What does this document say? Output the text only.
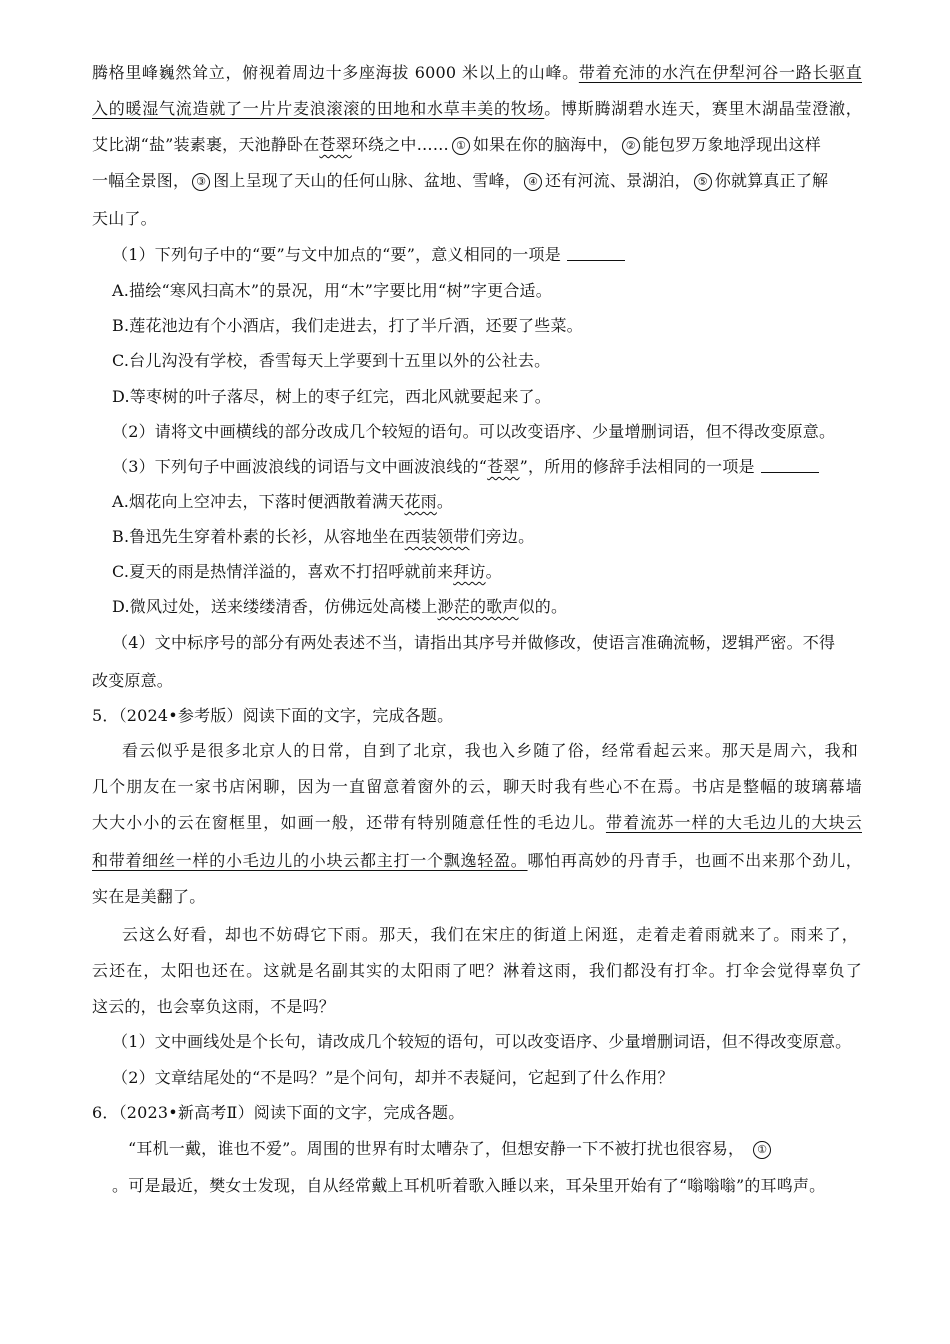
腾格里峰巍然耸立，俯视着周边十多座海拔 6000 米以上的山峰。带着充沛的水汽在伊犁河谷一路长驱直
入的暖湿气流造就了一片片麦浪滚滚的田地和水草丰美的牧场。博斯腾湖碧水连天，赛里木湖晶莹澄澈，
艾比湖“盐”装素裹，天池静卧在苍翠环绕之中…… ① 如果在你的脑海中， ② 能包罗万象地浮现出这样
一幅全景图， ③ 图上呈现了天山的任何山脉、盆地、雪峰， ④ 还有河流、景湖泊， ⑤ 你就算真正了解
天山了。
（1）下列句子中的“要”与文中加点的“要”，意义相同的一项是
A.描绘“寒风扫高木”的景况，用“木”字要比用“树”字更合适。
B.莲花池边有个小酒店，我们走进去，打了半斤酒，还要了些菜。
C.台儿沟没有学校，香雪每天上学要到十五里以外的公社去。
D.等枣树的叶子落尽，树上的枣子红完，西北风就要起来了。
（2）请将文中画横线的部分改成几个较短的语句。可以改变语序、少量增删词语，但不得改变原意。
（3）下列句子中画波浪线的词语与文中画波浪线的“苍翠”，所用的修辞手法相同的一项是
A.烟花向上空冲去，下落时便洒散着满天花雨。
B.鲁迅先生穿着朴素的长衫，从容地坐在西装领带们旁边。
C.夏天的雨是热情洋溢的，喜欢不打招呼就前来拜访。
D.微风过处，送来缕缕清香，仿佛远处高楼上渺茫的歌声似的。
（4）文中标序号的部分有两处表述不当，请指出其序号并做修改，使语言准确流畅，逻辑严密。不得
改变原意。
5．（2024•参考版）阅读下面的文字，完成各题。
看云似乎是很多北京人的日常，自到了北京，我也入乡随了俗，经常看起云来。那天是周六，我和
几个朋友在一家书店闲聊，因为一直留意着窗外的云，聊天时我有些心不在焉。书店是整幅的玻璃幕墙
大大小小的云在窗框里，如画一般，还带有特别随意任性的毛边儿。带着流苏一样的大毛边儿的大块云
和带着细丝一样的小毛边儿的小块云都主打一个飘逸轻盈。哪怕再高妙的丹青手，也画不出来那个劲儿，
实在是美翻了。
云这么好看，却也不妨碍它下雨。那天，我们在宋庄的街道上闲逛，走着走着雨就来了。雨来了，
云还在，太阳也还在。这就是名副其实的太阳雨了吧？淋着这雨，我们都没有打伞。打伞会觉得辜负了
这云的，也会辜负这雨，不是吗？
（1）文中画线处是个长句，请改成几个较短的语句，可以改变语序、少量增删词语，但不得改变原意。
（2）文章结尾处的“不是吗？”是个问句，却并不表疑问，它起到了什么作用？
6．（2023•新高考Ⅱ）阅读下面的文字，完成各题。
“耳机一戴，谁也不爱”。周围的世界有时太嘈杂了，但想安静一下不被打扰也很容易， ①
。可是最近，樊女士发现，自从经常戴上耳机听着歌入睡以来，耳朵里开始有了“嗡嗡嗡”的耳鸣声。
